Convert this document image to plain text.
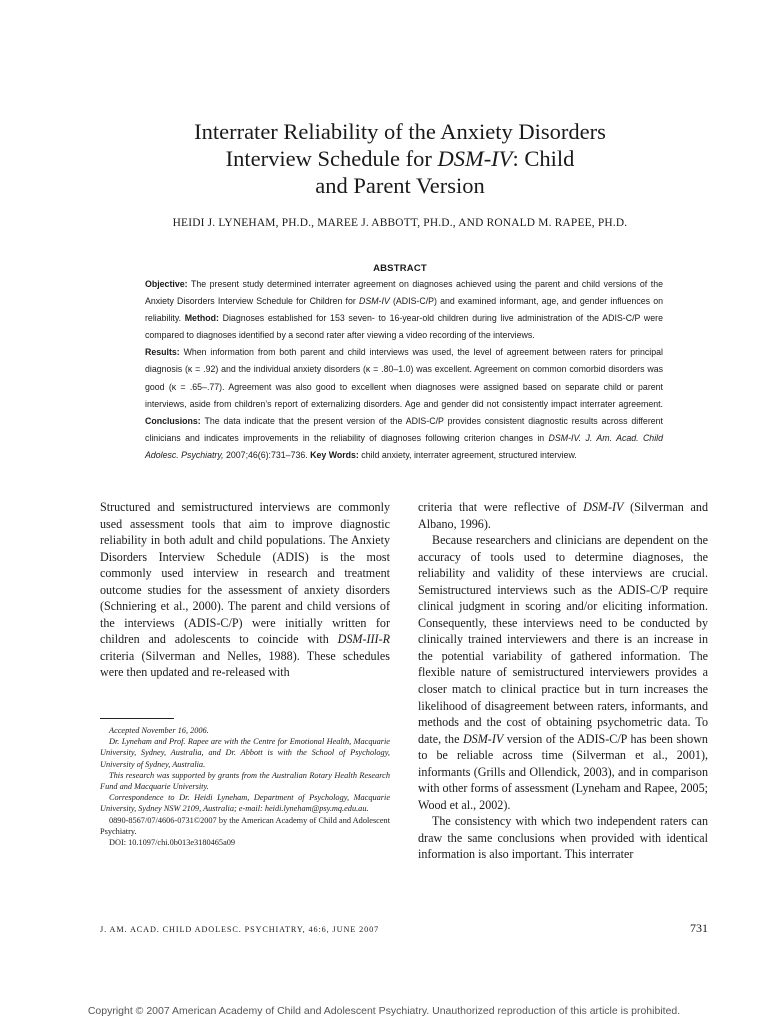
Interrater Reliability of the Anxiety Disorders
Interview Schedule for DSM-IV: Child
and Parent Version
HEIDI J. LYNEHAM, PH.D., MAREE J. ABBOTT, PH.D., AND RONALD M. RAPEE, PH.D.
ABSTRACT
Objective: The present study determined interrater agreement on diagnoses achieved using the parent and child versions of the Anxiety Disorders Interview Schedule for Children for DSM-IV (ADIS-C/P) and examined informant, age, and gender influences on reliability. Method: Diagnoses established for 153 seven- to 16-year-old children during live administration of the ADIS-C/P were compared to diagnoses identified by a second rater after viewing a video recording of the interviews.
Results: When information from both parent and child interviews was used, the level of agreement between raters for principal diagnosis (κ = .92) and the individual anxiety disorders (κ = .80–1.0) was excellent. Agreement on common comorbid disorders was good (κ = .65–.77). Agreement was also good to excellent when diagnoses were assigned based on separate child or parent interviews, aside from children’s report of externalizing disorders. Age and gender did not consistently impact interrater agreement. Conclusions: The data indicate that the present version of the ADIS-C/P provides consistent diagnostic results across different clinicians and indicates improvements in the reliability of diagnoses following criterion changes in DSM-IV. J. Am. Acad. Child Adolesc. Psychiatry, 2007;46(6):731–736. Key Words: child anxiety, interrater agreement, structured interview.

Structured and semistructured interviews are commonly used assessment tools that aim to improve diagnostic reliability in both adult and child populations. The Anxiety Disorders Interview Schedule (ADIS) is the most commonly used interview in research and treatment outcome studies for the assessment of anxiety disorders (Schniering et al., 2000). The parent and child versions of the interviews (ADIS-C/P) were initially written for children and adolescents to coincide with DSM-III-R criteria (Silverman and Nelles, 1988). These schedules were then updated and re-released with

criteria that were reflective of DSM-IV (Silverman and Albano, 1996).

Because researchers and clinicians are dependent on the accuracy of tools used to determine diagnoses, the reliability and validity of these interviews are crucial. Semistructured interviews such as the ADIS-C/P require clinical judgment in scoring and/or eliciting information. Consequently, these interviews need to be conducted by clinically trained interviewers and there is an increase in the potential variability of gathered information. The flexible nature of semistructured interviewers provides a closer match to clinical practice but in turn increases the likelihood of disagreement between raters, informants, and methods and the cost of obtaining psychometric data. To date, the DSM-IV version of the ADIS-C/P has been shown to be reliable across time (Silverman et al., 2001), informants (Grills and Ollendick, 2003), and in comparison with other forms of assessment (Lyneham and Rapee, 2005; Wood et al., 2002).

The consistency with which two independent raters can draw the same conclusions when provided with identical information is also important. This interrater

Accepted November 16, 2006.

Dr. Lyneham and Prof. Rapee are with the Centre for Emotional Health, Macquarie University, Sydney, Australia, and Dr. Abbott is with the School of Psychology, University of Sydney, Australia.

This research was supported by grants from the Australian Rotary Health Research Fund and Macquarie University.

Correspondence to Dr. Heidi Lyneham, Department of Psychology, Macquarie University, Sydney NSW 2109, Australia; e-mail: heidi.lyneham@psy.mq.edu.au.

0890-8567/07/4606-0731©2007 by the American Academy of Child and Adolescent Psychiatry.

DOI: 10.1097/chi.0b013e3180465a09

J. AM. ACAD. CHILD ADOLESC. PSYCHIATRY, 46:6, JUNE 2007	731
Copyright © 2007 American Academy of Child and Adolescent Psychiatry. Unauthorized reproduction of this article is prohibited.
